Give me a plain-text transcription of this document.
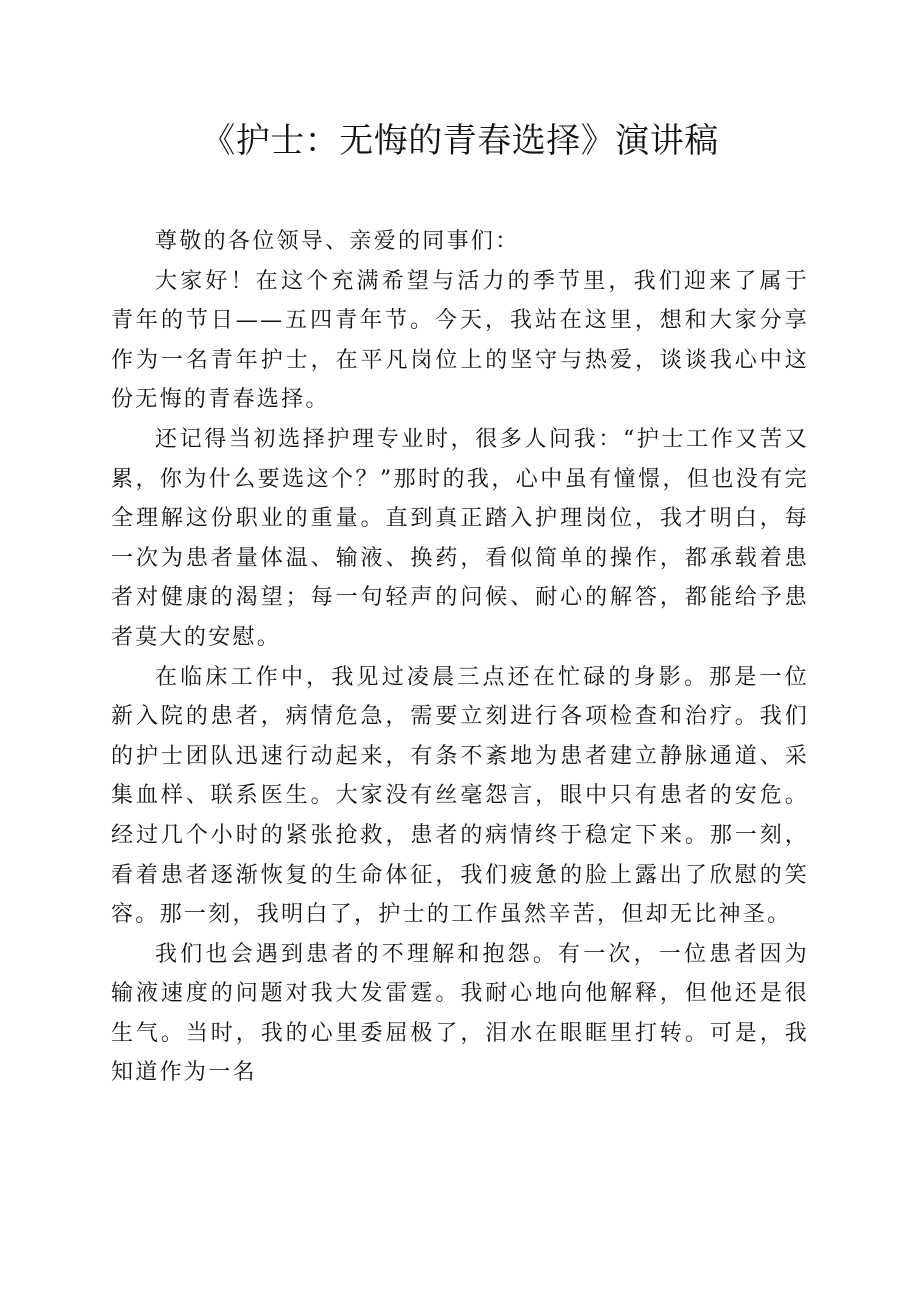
《护士：无悔的青春选择》演讲稿

尊敬的各位领导、亲爱的同事们：

大家好！在这个充满希望与活力的季节里，我们迎来了属于青年的节日——五四青年节。今天，我站在这里，想和大家分享作为一名青年护士，在平凡岗位上的坚守与热爱，谈谈我心中这份无悔的青春选择。

还记得当初选择护理专业时，很多人问我：“护士工作又苦又累，你为什么要选这个？”那时的我，心中虽有憧憬，但也没有完全理解这份职业的重量。直到真正踏入护理岗位，我才明白，每一次为患者量体温、输液、换药，看似简单的操作，都承载着患者对健康的渴望；每一句轻声的问候、耐心的解答，都能给予患者莫大的安慰。

在临床工作中，我见过凌晨三点还在忙碌的身影。那是一位新入院的患者，病情危急，需要立刻进行各项检查和治疗。我们的护士团队迅速行动起来，有条不紊地为患者建立静脉通道、采集血样、联系医生。大家没有丝毫怨言，眼中只有患者的安危。经过几个小时的紧张抢救，患者的病情终于稳定下来。那一刻，看着患者逐渐恢复的生命体征，我们疲惫的脸上露出了欣慰的笑容。那一刻，我明白了，护士的工作虽然辛苦，但却无比神圣。

我们也会遇到患者的不理解和抱怨。有一次，一位患者因为输液速度的问题对我大发雷霆。我耐心地向他解释，但他还是很生气。当时，我的心里委屈极了，泪水在眼眶里打转。可是，我知道作为一名
